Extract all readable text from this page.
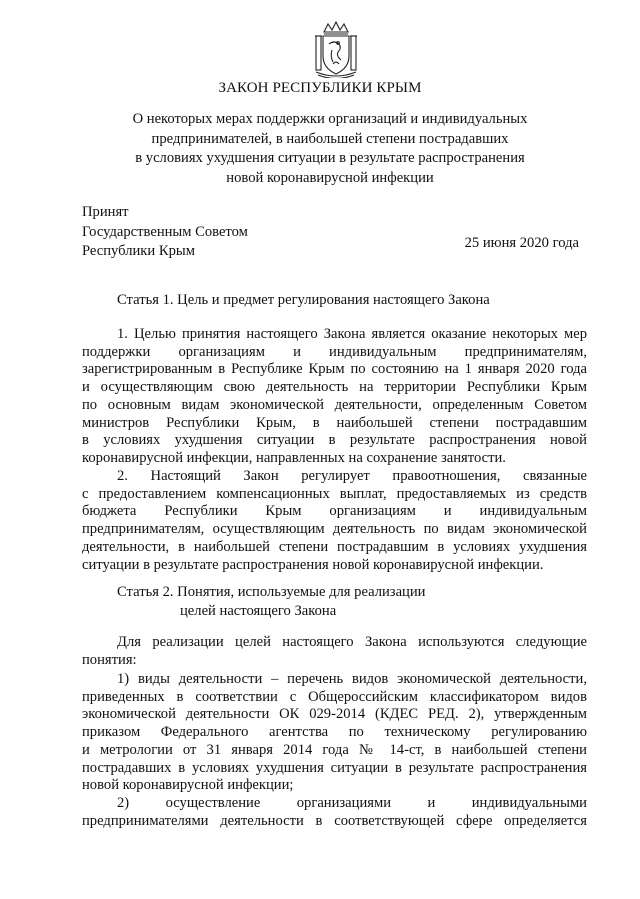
ЗАКОН РЕСПУБЛИКИ КРЫМ
О некоторых мерах поддержки организаций и индивидуальных
предпринимателей, в наибольшей степени пострадавших
в условиях ухудшения ситуации в результате распространения
новой коронавирусной инфекции
Принят
Государственным Советом
Республики Крым	25 июня 2020 года
Статья 1. Цель и предмет регулирования настоящего Закона
1. Целью принятия настоящего Закона является оказание некоторых мер
поддержки организациям и индивидуальным предпринимателям,
зарегистрированным в Республике Крым по состоянию на 1 января 2020 года
и осуществляющим свою деятельность на территории Республики Крым
по основным видам экономической деятельности, определенным Советом
министров Республики Крым, в наибольшей степени пострадавшим
в условиях ухудшения ситуации в результате распространения новой
коронавирусной инфекции, направленных на сохранение занятости.
2. Настоящий Закон регулирует правоотношения, связанные
с предоставлением компенсационных выплат, предоставляемых из средств
бюджета Республики Крым организациям и индивидуальным
предпринимателям, осуществляющим деятельность по видам экономической
деятельности, в наибольшей степени пострадавшим в условиях ухудшения
ситуации в результате распространения новой коронавирусной инфекции.
Статья 2. Понятия, используемые для реализации
целей настоящего Закона
Для реализации целей настоящего Закона используются следующие
понятия:
1) виды деятельности – перечень видов экономической деятельности,
приведенных в соответствии с Общероссийским классификатором видов
экономической деятельности ОК 029-2014 (КДЕС РЕД. 2), утвержденным
приказом Федерального агентства по техническому регулированию
и метрологии от 31 января 2014 года № 14-ст, в наибольшей степени
пострадавших в условиях ухудшения ситуации в результате распространения
новой коронавирусной инфекции;
2) осуществление организациями и индивидуальными
предпринимателями деятельности в соответствующей сфере определяется
